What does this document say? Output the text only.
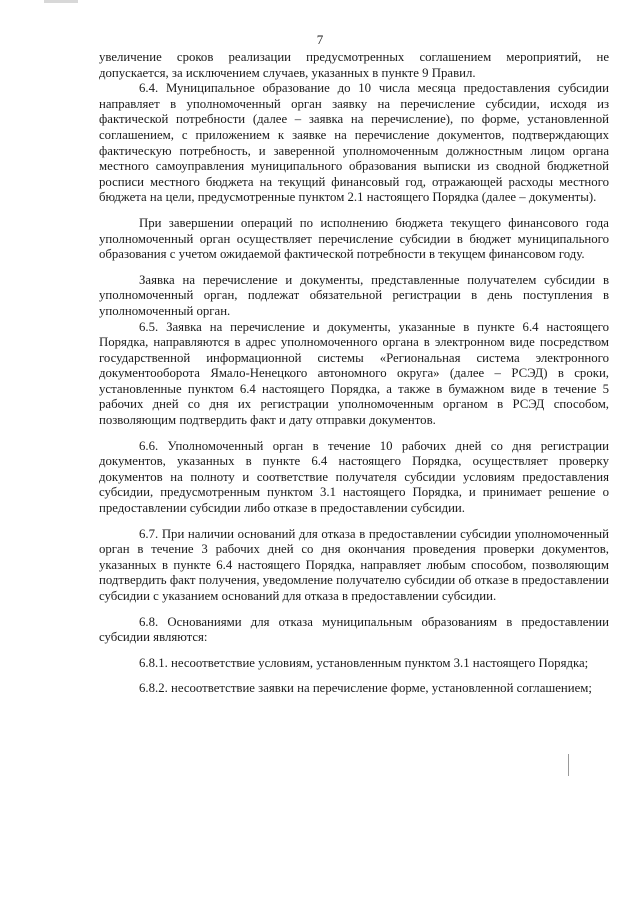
7

увеличение сроков реализации предусмотренных соглашением мероприятий, не допускается, за исключением случаев, указанных в пункте 9 Правил.

6.4. Муниципальное образование до 10 числа месяца предоставления субсидии направляет в уполномоченный орган заявку на перечисление субсидии, исходя из фактической потребности (далее – заявка на перечисление), по форме, установленной соглашением, с приложением к заявке на перечисление документов, подтверждающих фактическую потребность, и заверенной уполномоченным должностным лицом органа местного самоуправления муниципального образования выписки из сводной бюджетной росписи местного бюджета на текущий финансовый год, отражающей расходы местного бюджета на цели, предусмотренные пунктом 2.1 настоящего Порядка (далее – документы).

При завершении операций по исполнению бюджета текущего финансового года уполномоченный орган осуществляет перечисление субсидии в бюджет муниципального образования с учетом ожидаемой фактической потребности в текущем финансовом году.

Заявка на перечисление и документы, представленные получателем субсидии в уполномоченный орган, подлежат обязательной регистрации в день поступления в уполномоченный орган.

6.5. Заявка на перечисление и документы, указанные в пункте 6.4 настоящего Порядка, направляются в адрес уполномоченного органа в электронном виде посредством государственной информационной системы «Региональная система электронного документооборота Ямало-Ненецкого автономного округа» (далее – РСЭД) в сроки, установленные пунктом 6.4 настоящего Порядка, а также в бумажном виде в течение 5 рабочих дней со дня их регистрации уполномоченным органом в РСЭД способом, позволяющим подтвердить факт и дату отправки документов.

6.6. Уполномоченный орган в течение 10 рабочих дней со дня регистрации документов, указанных в пункте 6.4 настоящего Порядка, осуществляет проверку документов на полноту и соответствие получателя субсидии условиям предоставления субсидии, предусмотренным пунктом 3.1 настоящего Порядка, и принимает решение о предоставлении субсидии либо отказе в предоставлении субсидии.

6.7. При наличии оснований для отказа в предоставлении субсидии уполномоченный орган в течение 3 рабочих дней со дня окончания проведения проверки документов, указанных в пункте 6.4 настоящего Порядка, направляет любым способом, позволяющим подтвердить факт получения, уведомление получателю субсидии об отказе в предоставлении субсидии с указанием оснований для отказа в предоставлении субсидии.

6.8. Основаниями для отказа муниципальным образованиям в предоставлении субсидии являются:

6.8.1. несоответствие условиям, установленным пунктом 3.1 настоящего Порядка;

6.8.2. несоответствие заявки на перечисление форме, установленной соглашением;
